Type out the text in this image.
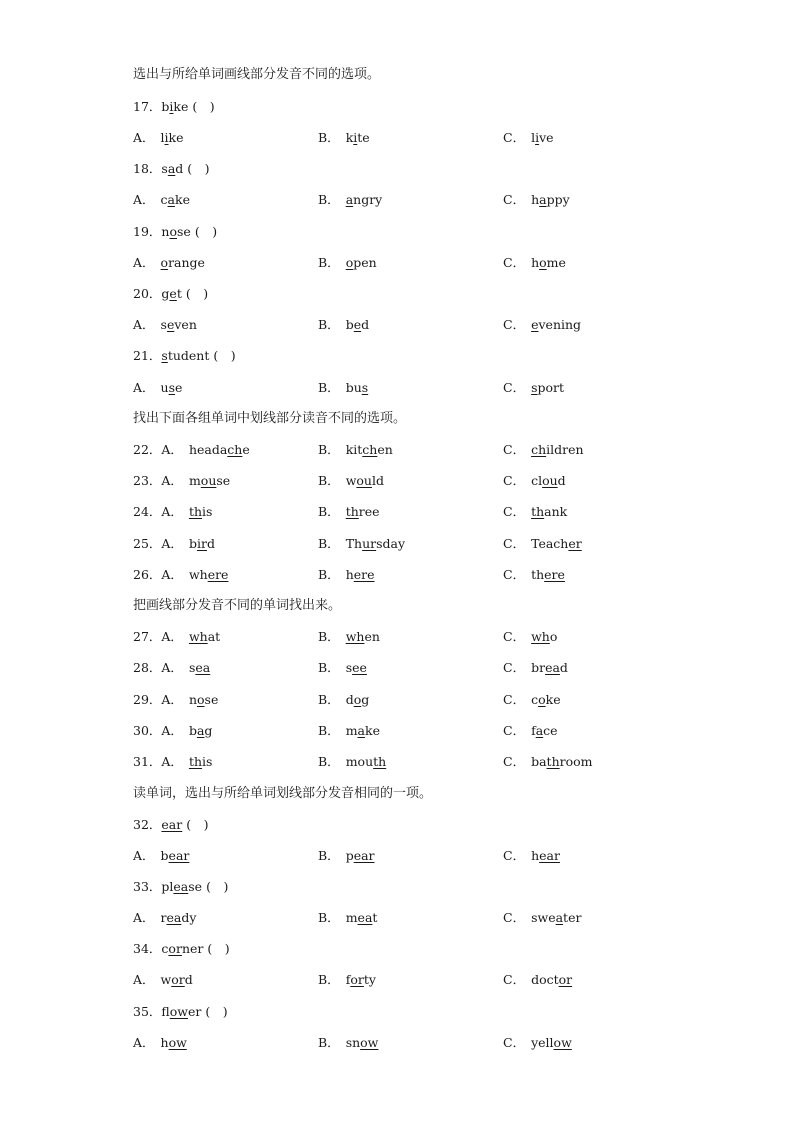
选出与所给单词画线部分发音不同的选项。
17．bike (　)
A． like	B． kite	C． live
18．sad (　)
A． cake	B． angry	C． happy
19．nose (　)
A． orange	B． open	C． home
20．get (　)
A． seven	B． bed	C． evening
21．student (　)
A． use	B． bus	C． sport
找出下面各组单词中划线部分读音不同的选项。
22．A． headache	B． kitchen	C． children
23．A． mouse	B． would	C． cloud
24．A． this	B． three	C． thank
25．A． bird	B． Thursday	C． Teacher
26．A． where	B． here	C． there
把画线部分发音不同的单词找出来。
27．A． what	B． when	C． who
28．A． sea	B． see	C． bread
29．A． nose	B． dog	C． coke
30．A． bag	B． make	C． face
31．A． this	B． mouth	C． bathroom
读单词，选出与所给单词划线部分发音相同的一项。
32．ear (　)
A． bear	B． pear	C． hear
33．please (　)
A． ready	B． meat	C． sweater
34．corner (　)
A． word	B． forty	C． doctor
35．flower (　)
A． how	B． snow	C． yellow
